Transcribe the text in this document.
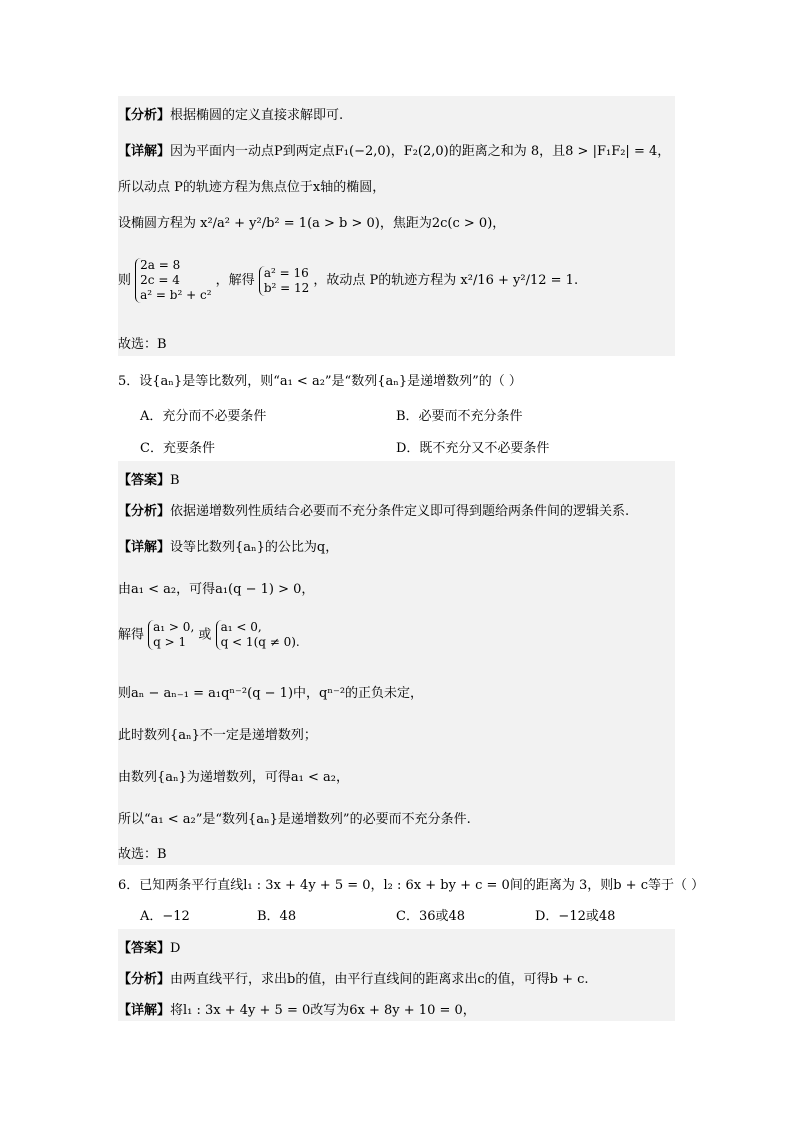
【分析】根据椭圆的定义直接求解即可.
【详解】因为平面内一动点P到两定点F₁(−2,0)，F₂(2,0)的距离之和为 8，且8 > |F₁F₂| = 4，
所以动点 P的轨迹方程为焦点位于x轴的椭圆，
设椭圆方程为 x²/a² + y²/b² = 1(a > b > 0)，焦距为2c(c > 0)，
则
2a = 8
2c = 4
a² = b² + c²
，解得
a² = 16
b² = 12 ，故动点 P的轨迹方程为 x²/16 + y²/12 = 1.
故选：B
5．设{aₙ}是等比数列，则“a₁ < a₂”是“数列{aₙ}是递增数列”的（ ）
A．充分而不必要条件	B．必要而不充分条件
C．充要条件	D．既不充分又不必要条件
【答案】B
【分析】依据递增数列性质结合必要而不充分条件定义即可得到题给两条件间的逻辑关系.
【详解】设等比数列{aₙ}的公比为q，
由a₁ < a₂，可得a₁(q − 1) > 0，
解得
a₁ > 0,
q > 1 或
a₁ < 0,
q < 1(q ≠ 0).
则aₙ − aₙ₋₁ = a₁qⁿ⁻²(q − 1)中，qⁿ⁻²的正负未定，
此时数列{aₙ}不一定是递增数列；
由数列{aₙ}为递增数列，可得a₁ < a₂，
所以“a₁ < a₂”是“数列{aₙ}是递增数列”的必要而不充分条件.
故选：B
6．已知两条平行直线l₁ : 3x + 4y + 5 = 0，l₂ : 6x + by + c = 0间的距离为 3，则b + c等于（ ）
A．−12	B．48	C．36或48	D．−12或48
【答案】D
【分析】由两直线平行，求出b的值，由平行直线间的距离求出c的值，可得b + c.
【详解】将l₁ : 3x + 4y + 5 = 0改写为6x + 8y + 10 = 0，
